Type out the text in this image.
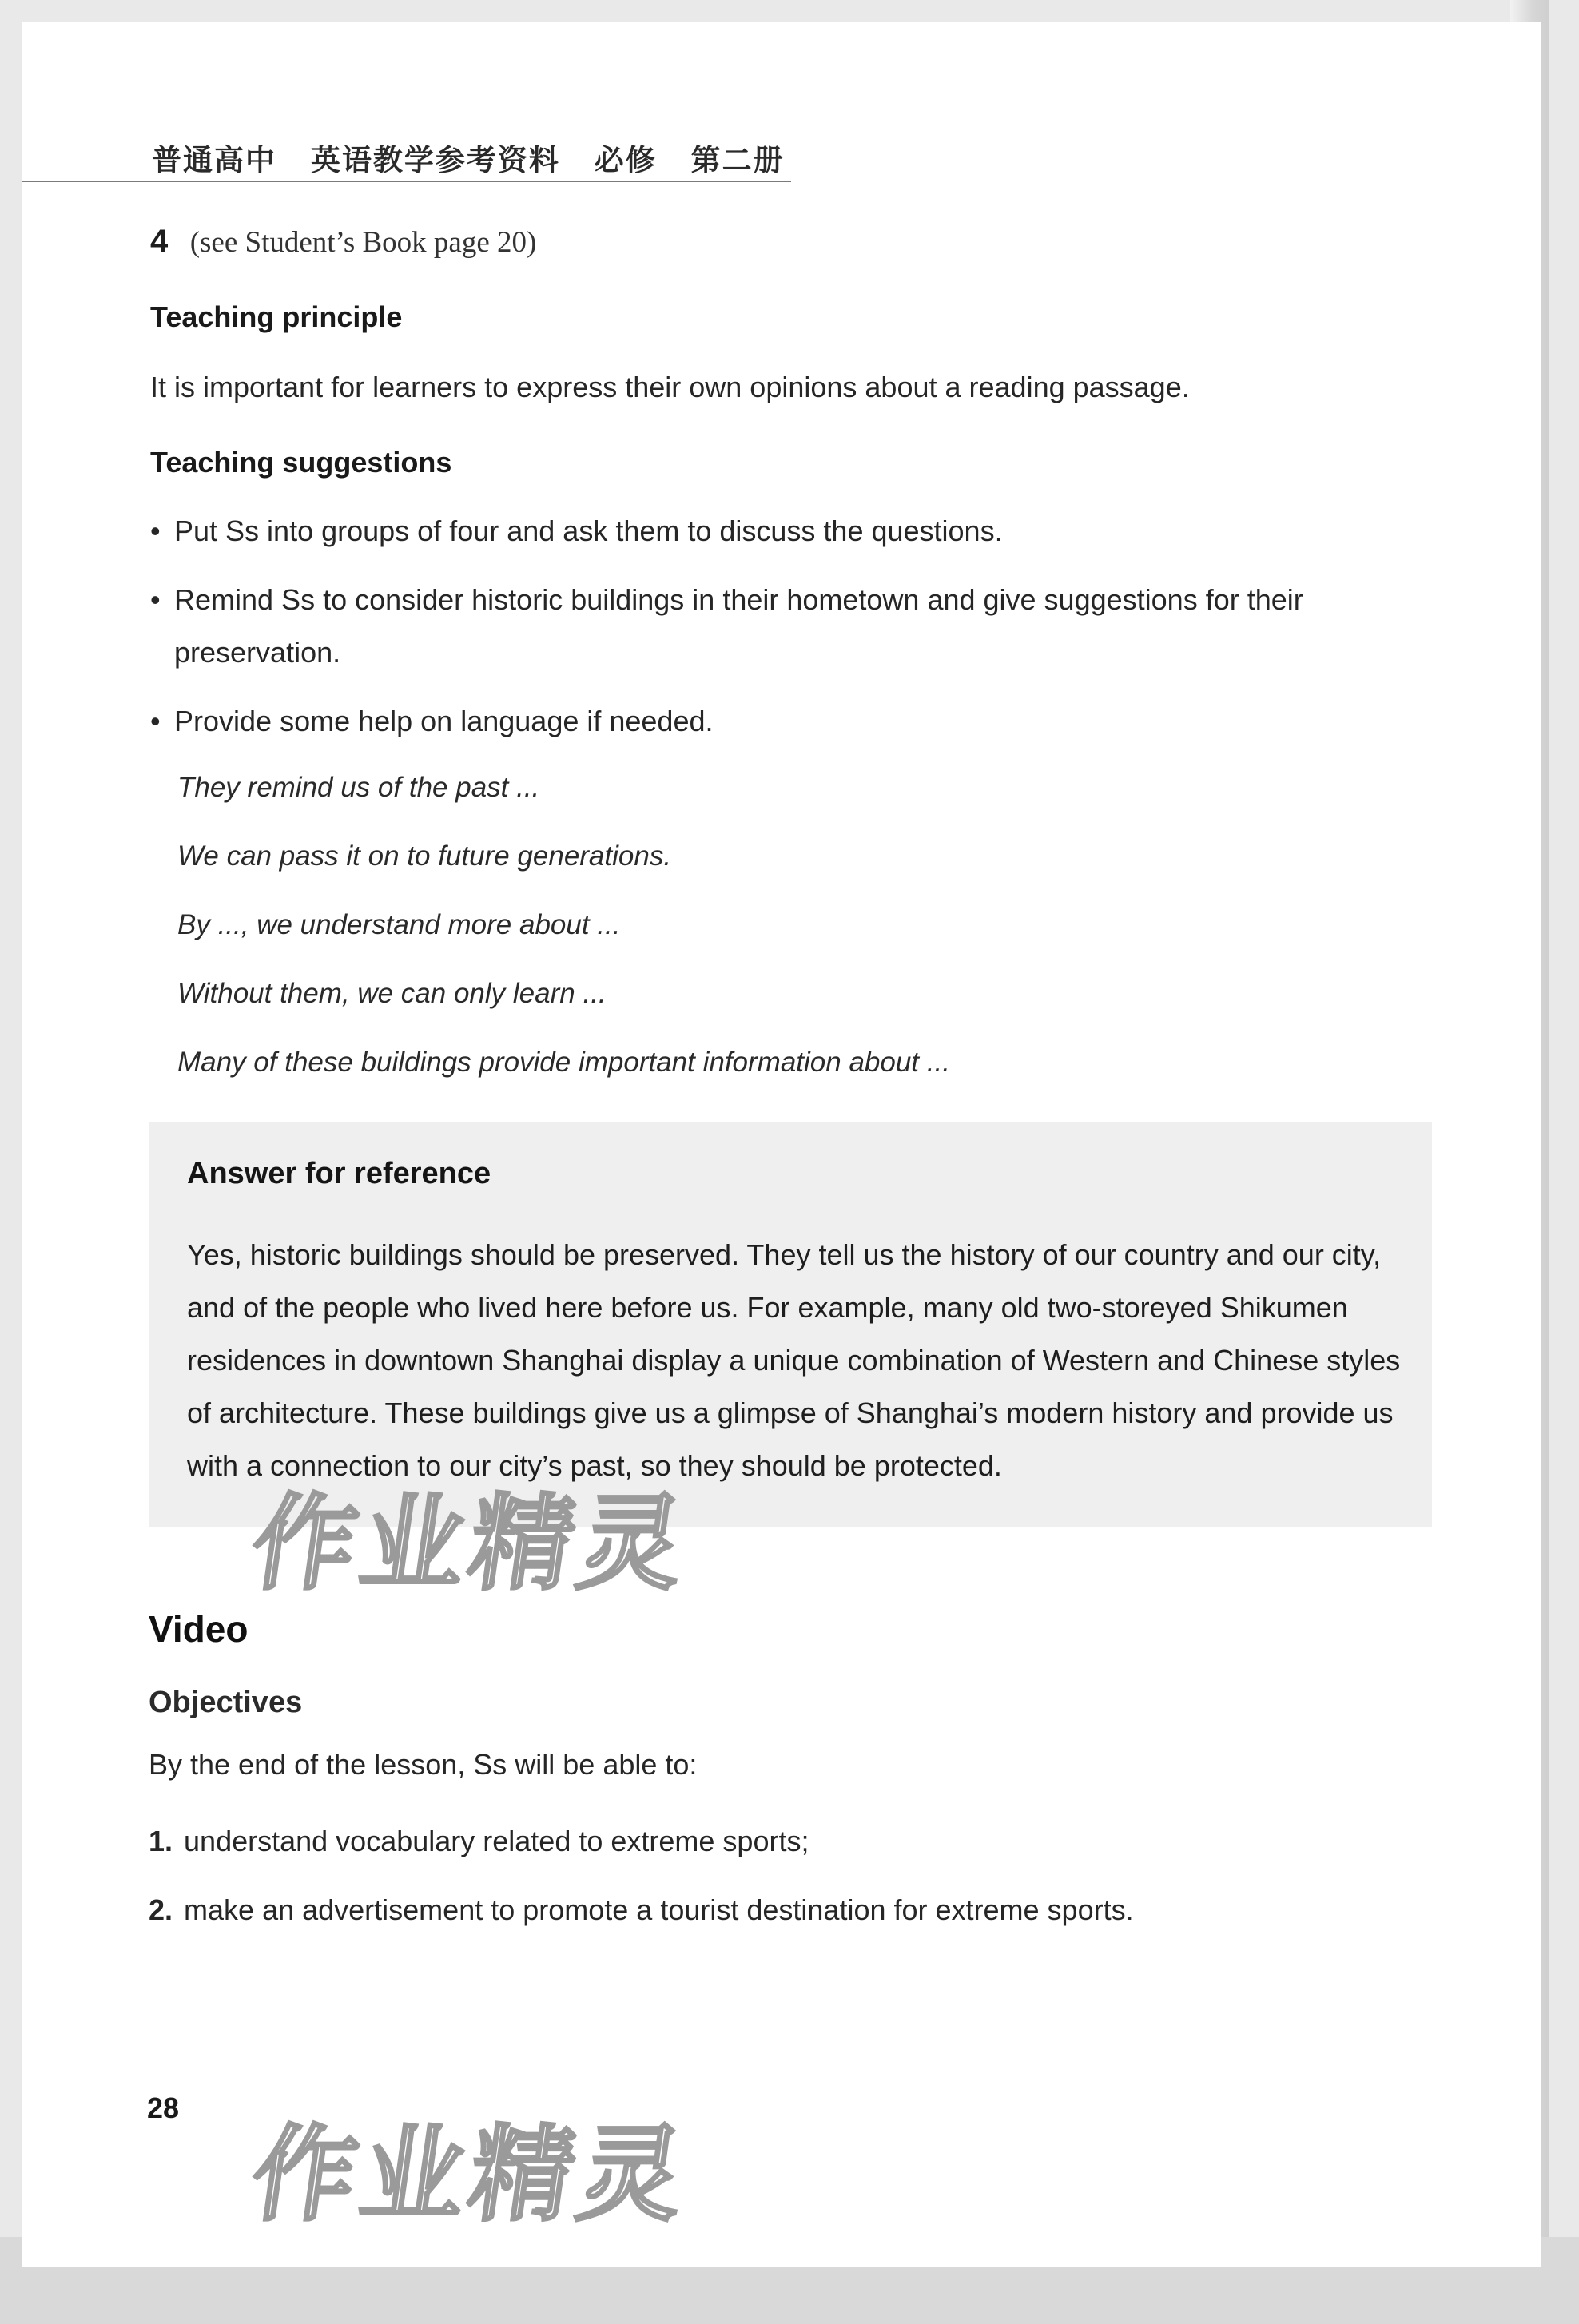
普通高中 英语教学参考资料 必修 第二册
4 (see Student’s Book page 20)
Teaching principle
It is important for learners to express their own opinions about a reading passage.
Teaching suggestions
• Put Ss into groups of four and ask them to discuss the questions.
• Remind Ss to consider historic buildings in their hometown and give suggestions for their preservation.
• Provide some help on language if needed.
They remind us of the past ...
We can pass it on to future generations.
By ..., we understand more about ...
Without them, we can only learn ...
Many of these buildings provide important information about ...
Answer for reference
Yes, historic buildings should be preserved. They tell us the history of our country and our city, and of the people who lived here before us. For example, many old two-storeyed Shikumen residences in downtown Shanghai display a unique combination of Western and Chinese styles of architecture. These buildings give us a glimpse of Shanghai’s modern history and provide us with a connection to our city’s past, so they should be protected.
作业精灵
Video
Objectives
By the end of the lesson, Ss will be able to:
1. understand vocabulary related to extreme sports;
2. make an advertisement to promote a tourist destination for extreme sports.
28
作业精灵
